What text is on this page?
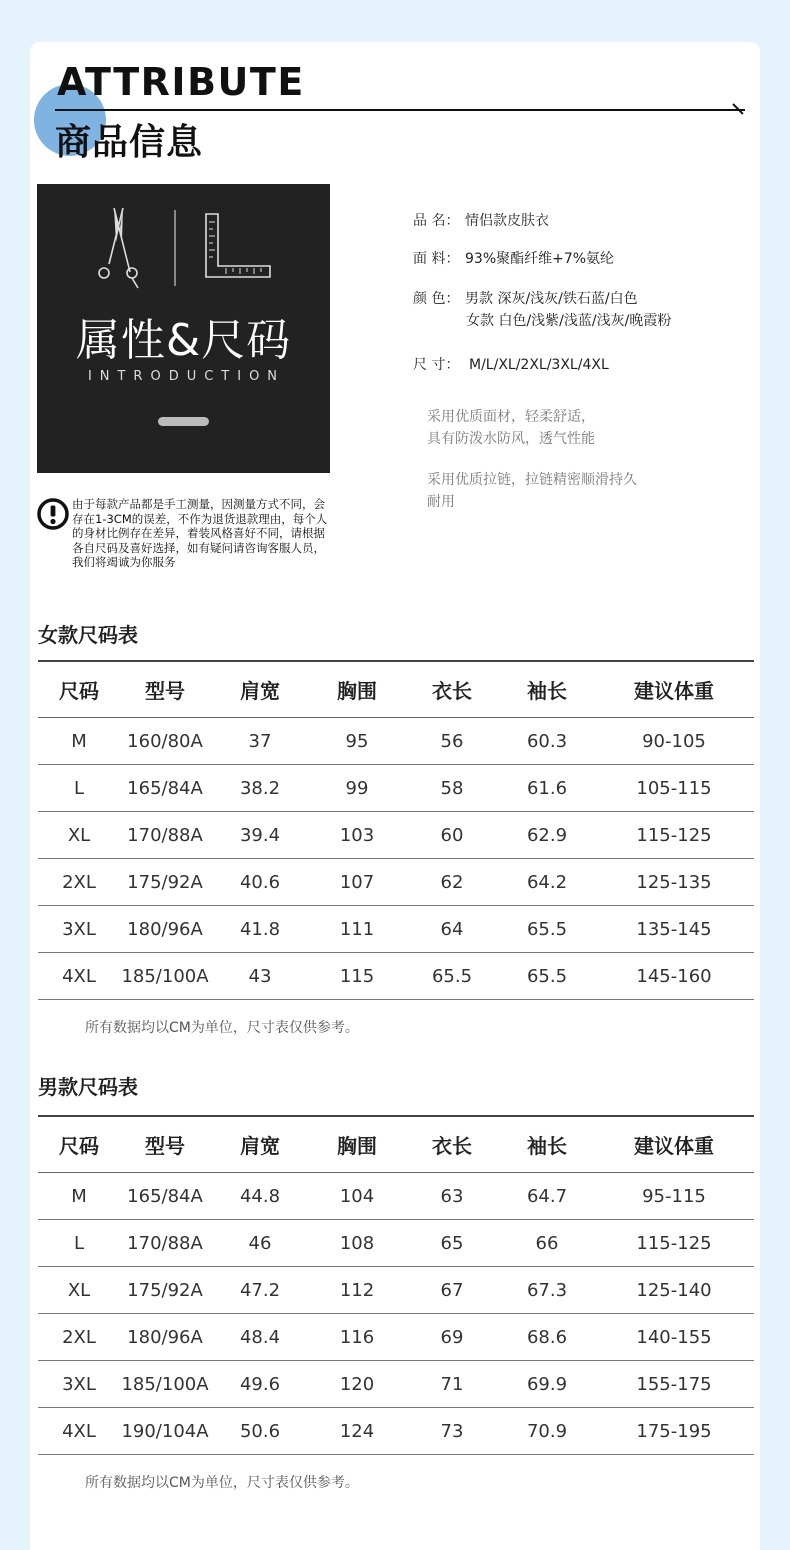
ATTRIBUTE
商品信息
属性&尺码
INTRODUCTION
品 名： 情侣款皮肤衣
面 料： 93%聚酯纤维+7%氨纶
颜 色： 男款 深灰/浅灰/铁石蓝/白色
女款 白色/浅紫/浅蓝/浅灰/晚霞粉
尺 寸： M/L/XL/2XL/3XL/4XL
采用优质面材，轻柔舒适，
具有防泼水防风，透气性能
采用优质拉链，拉链精密顺滑持久
耐用
由于每款产品都是手工测量，因测量方式不同，会存在1-3CM的误差，不作为退货退款理由，每个人的身材比例存在差异，着装风格喜好不同，请根据各自尺码及喜好选择，如有疑问请咨询客服人员，我们将竭诚为你服务
女款尺码表
尺码	型号	肩宽	胸围	衣长	袖长	建议体重
M	160/80A	37	95	56	60.3	90-105
L	165/84A	38.2	99	58	61.6	105-115
XL	170/88A	39.4	103	60	62.9	115-125
2XL	175/92A	40.6	107	62	64.2	125-135
3XL	180/96A	41.8	111	64	65.5	135-145
4XL	185/100A	43	115	65.5	65.5	145-160
所有数据均以CM为单位，尺寸表仅供参考。
男款尺码表
尺码	型号	肩宽	胸围	衣长	袖长	建议体重
M	165/84A	44.8	104	63	64.7	95-115
L	170/88A	46	108	65	66	115-125
XL	175/92A	47.2	112	67	67.3	125-140
2XL	180/96A	48.4	116	69	68.6	140-155
3XL	185/100A	49.6	120	71	69.9	155-175
4XL	190/104A	50.6	124	73	70.9	175-195
所有数据均以CM为单位，尺寸表仅供参考。
